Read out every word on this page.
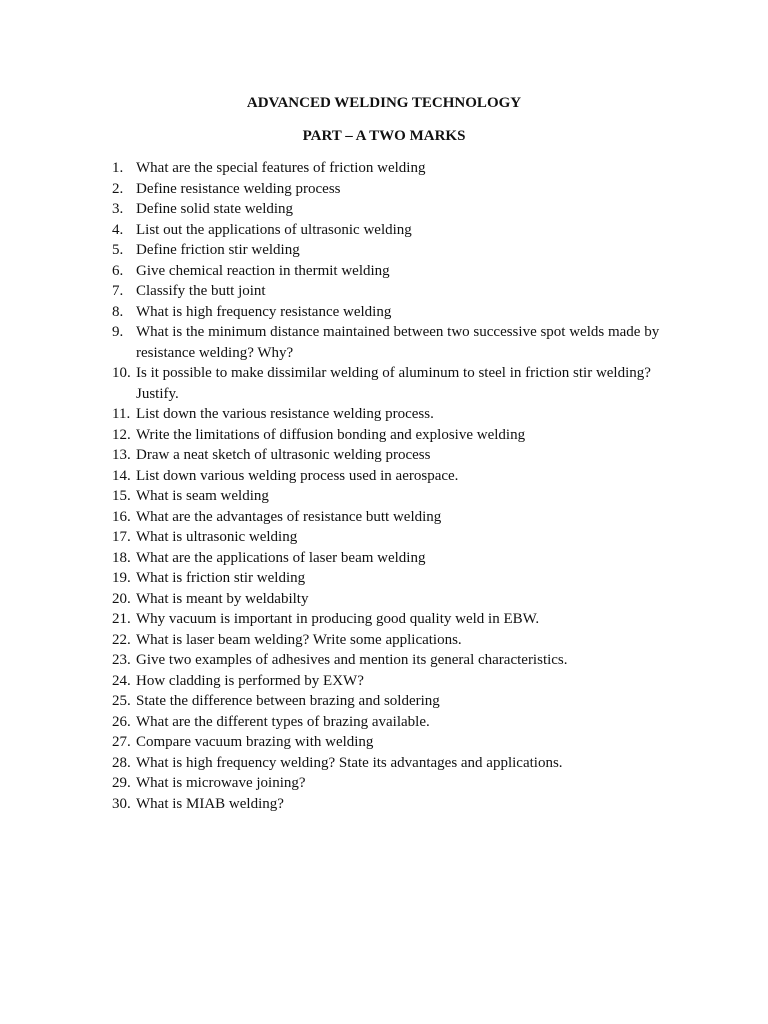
ADVANCED WELDING TECHNOLOGY
PART – A TWO MARKS
1. What are the special features of friction welding
2. Define resistance welding process
3. Define solid state welding
4. List out the applications of ultrasonic welding
5. Define friction stir welding
6. Give chemical reaction in thermit welding
7. Classify the butt joint
8. What is high frequency resistance welding
9. What is the minimum distance maintained between two successive spot welds made by resistance welding? Why?
10. Is it possible to make dissimilar welding of aluminum to steel in friction stir welding? Justify.
11. List down the various resistance welding process.
12. Write the limitations of diffusion bonding and explosive welding
13. Draw a neat sketch of ultrasonic welding process
14. List down various welding process used in aerospace.
15. What is seam welding
16. What are the advantages of resistance butt welding
17. What is ultrasonic welding
18. What are the applications of laser beam welding
19. What is friction stir welding
20. What is meant by weldabilty
21. Why vacuum is important in producing good quality weld in EBW.
22. What is laser beam welding? Write some applications.
23. Give two examples of adhesives and mention its general characteristics.
24. How cladding is performed by EXW?
25. State the difference between brazing and soldering
26. What are the different types of brazing available.
27. Compare vacuum brazing with welding
28. What is high frequency welding? State its advantages and applications.
29. What is microwave joining?
30. What is MIAB welding?
